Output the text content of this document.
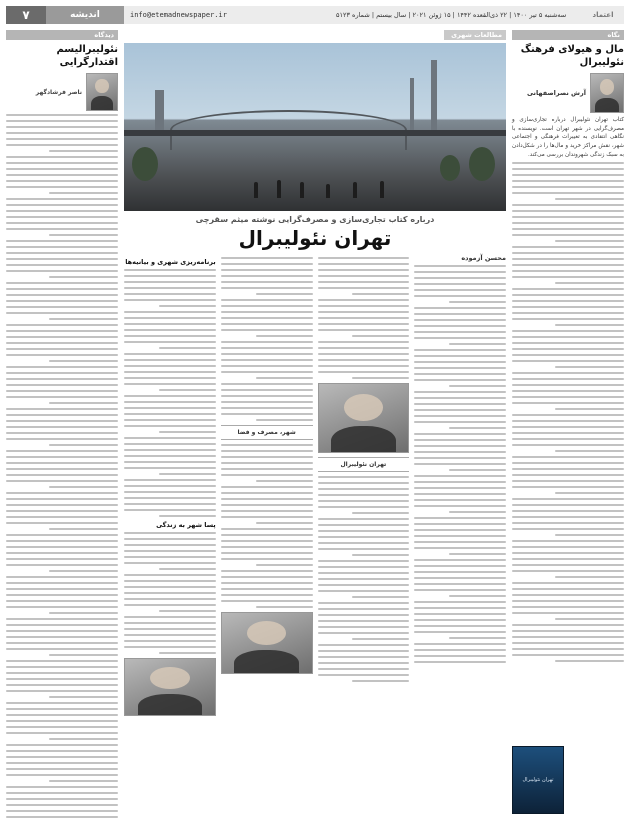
۷	اندیشه	info@etemadnewspaper.ir	سه‌شنبه ۵ تیر ۱۴۰۰ | ۲۲ ذی‌القعده ۱۴۴۲ | ۱۵ ژوئن ۲۰۲۱ | سال بیستم | شماره ۵۱۲۳	اعتماد
نگاه
مال و هیولای فرهنگ نئولیبرال
آرش نصراصفهانی
کتاب تهران نئولیبرال درباره تجاری‌سازی و مصرف‌گرایی در شهر تهران است. نویسنده با نگاهی انتقادی به تغییرات فرهنگی و اجتماعی شهر، نقش مراکز خرید و مال‌ها را در شکل‌دادن به سبک زندگی شهروندان بررسی می‌کند.
تهران نئولیبرال
مطالعات شهری
درباره کتاب تجاری‌سازی و مصرف‌گرایی نوشته میثم سقرچی
تهران نئولیبرال
محسن آزموده
تهران نئولیبرال
شهر، مصرف و فضا
برنامه‌ریزی شهری و بیانیه‌ها
پسا شهر به زندگی
دیدگاه
نئولیبرالیسم اقتدارگرایی
ناصر فرشادگهر
